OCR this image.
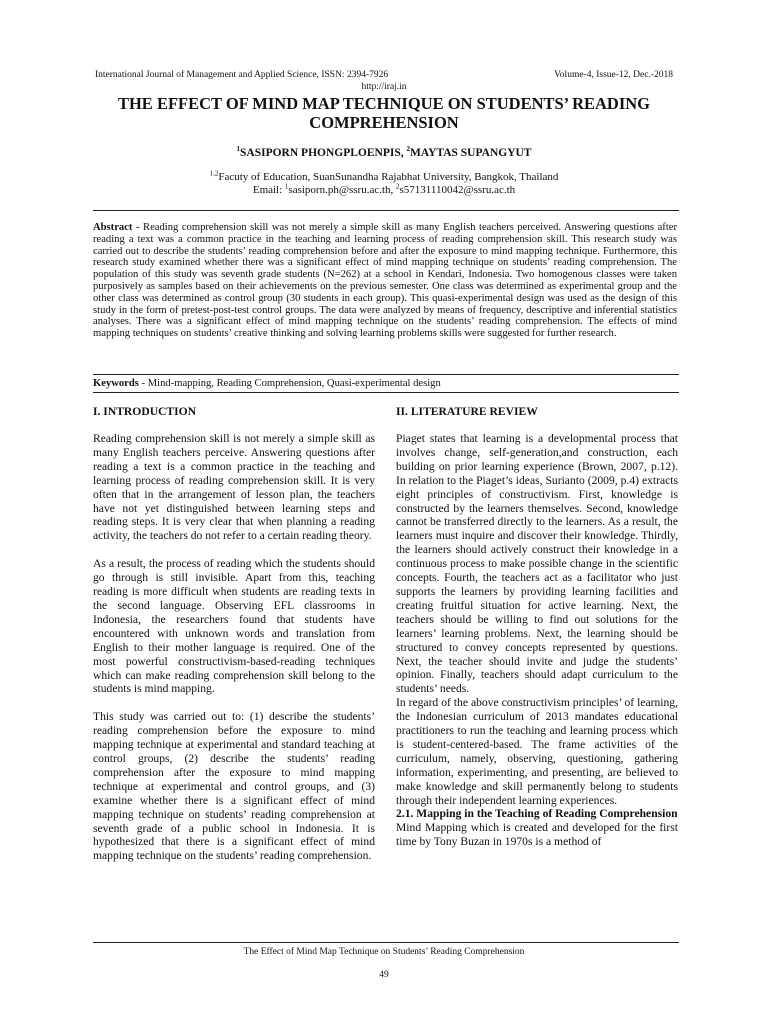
International Journal of Management and Applied Science, ISSN: 2394-7926	Volume-4, Issue-12, Dec.-2018
http://iraj.in
THE EFFECT OF MIND MAP TECHNIQUE ON STUDENTS’ READING COMPREHENSION
$^1$SASIPORN PHONGPLOENPIS, $^2$MAYTAS SUPANGYUT
$^{1,2}$Facuty of Education, SuanSunandha Rajabhat University, Bangkok, Thailand
Email: $^1$sasiporn.ph@ssru.ac.th, $^2$s57131110042@ssru.ac.th
Abstract - Reading comprehension skill was not merely a simple skill as many English teachers perceived. Answering questions after reading a text was a common practice in the teaching and learning process of reading comprehension skill. This research study was carried out to describe the students’ reading comprehension before and after the exposure to mind mapping technique. Furthermore, this research study examined whether there was a significant effect of mind mapping technique on students’ reading comprehension. The population of this study was seventh grade students (N=262) at a school in Kendari, Indonesia. Two homogenous classes were taken purposively as samples based on their achievements on the previous semester. One class was determined as experimental group and the other class was determined as control group (30 students in each group). This quasi-experimental design was used as the design of this study in the form of pretest-post-test control groups. The data were analyzed by means of frequency, descriptive and inferential statistics analyses. There was a significant effect of mind mapping technique on the students’ reading comprehension. The effects of mind mapping techniques on students’ creative thinking and solving learning problems skills were suggested for further research.
Keywords - Mind-mapping, Reading Comprehension, Quasi-experimental design
I. INTRODUCTION

Reading comprehension skill is not merely a simple skill as many English teachers perceive. Answering questions after reading a text is a common practice in the teaching and learning process of reading comprehension skill. It is very often that in the arrangement of lesson plan, the teachers have not yet distinguished between learning steps and reading steps. It is very clear that when planning a reading activity, the teachers do not refer to a certain reading theory.

As a result, the process of reading which the students should go through is still invisible. Apart from this, teaching reading is more difficult when students are reading texts in the second language. Observing EFL classrooms in Indonesia, the researchers found that students have encountered with unknown words and translation from English to their mother language is required. One of the most powerful constructivism-based-reading techniques which can make reading comprehension skill belong to the students is mind mapping.

This study was carried out to: (1) describe the students’ reading comprehension before the exposure to mind mapping technique at experimental and standard teaching at control groups, (2) describe the students’ reading comprehension after the exposure to mind mapping technique at experimental and control groups, and (3) examine whether there is a significant effect of mind mapping technique on students’ reading comprehension at seventh grade of a public school in Indonesia. It is hypothesized that there is a significant effect of mind mapping technique on the students’ reading comprehension.

II. LITERATURE REVIEW

Piaget states that learning is a developmental process that involves change, self-generation,and construction, each building on prior learning experience (Brown, 2007, p.12). In relation to the Piaget’s ideas, Surianto (2009, p.4) extracts eight principles of constructivism. First, knowledge is constructed by the learners themselves. Second, knowledge cannot be transferred directly to the learners. As a result, the learners must inquire and discover their knowledge. Thirdly, the learners should actively construct their knowledge in a continuous process to make possible change in the scientific concepts. Fourth, the teachers act as a facilitator who just supports the learners by providing learning facilities and creating fruitful situation for active learning. Next, the teachers should be willing to find out solutions for the learners’ learning problems. Next, the learning should be structured to convey concepts represented by questions. Next, the teacher should invite and judge the students’ opinion. Finally, teachers should adapt curriculum to the students’ needs.

In regard of the above constructivism principles’ of learning, the Indonesian curriculum of 2013 mandates educational practitioners to run the teaching and learning process which is student-centered-based. The frame activities of the curriculum, namely, observing, questioning, gathering information, experimenting, and presenting, are believed to make knowledge and skill permanently belong to students through their independent learning experiences.

2.1. Mapping in the Teaching of Reading Comprehension

Mind Mapping which is created and developed for the first time by Tony Buzan in 1970s is a method of

The Effect of Mind Map Technique on Students’ Reading Comprehension
49
